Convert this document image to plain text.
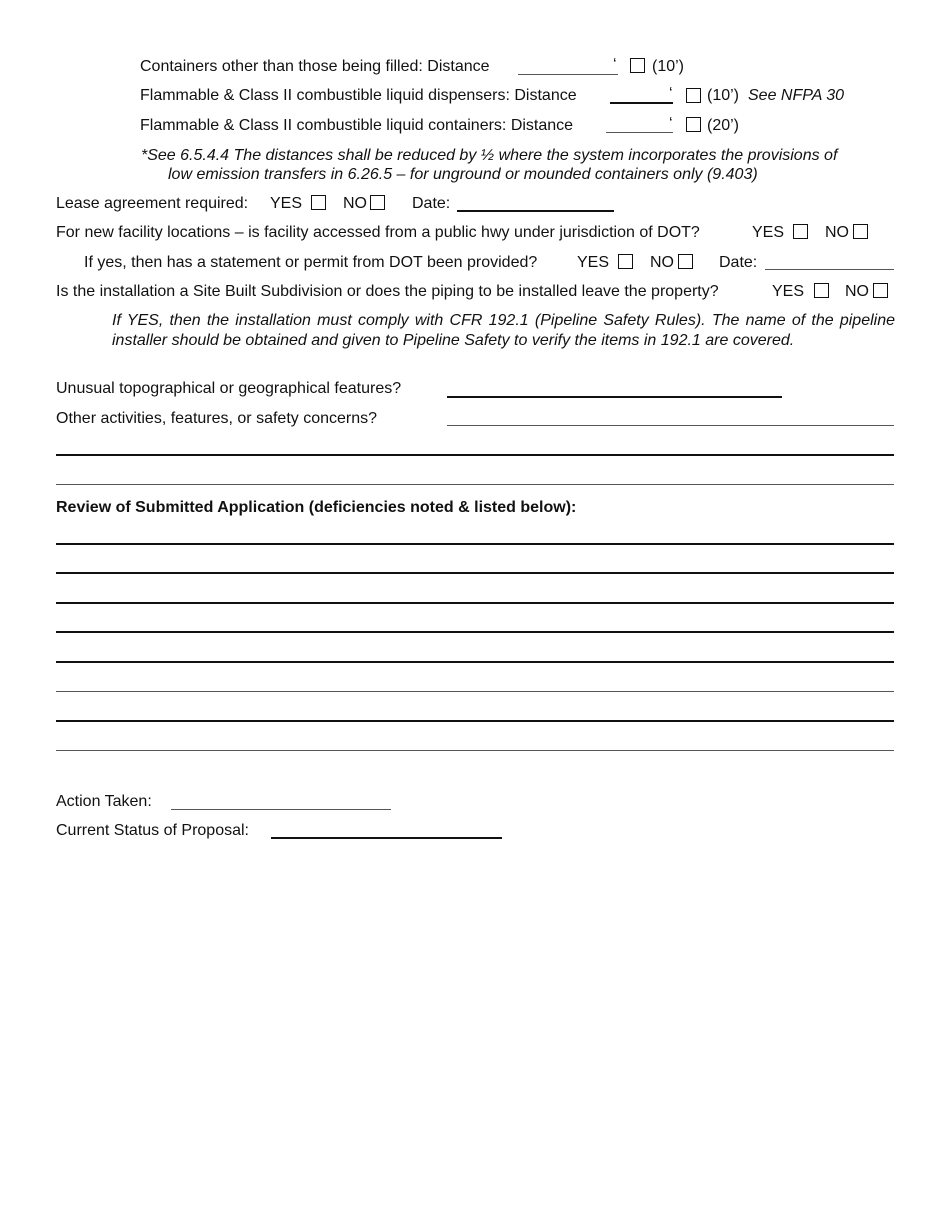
Containers other than those being filled: Distance	‘ (10’)
Flammable & Class II combustible liquid dispensers: Distance	‘ (10’) See NFPA 30
Flammable & Class II combustible liquid containers: Distance	‘ (20’)
*See 6.5.4.4 The distances shall be reduced by ½ where the system incorporates the provisions of
low emission transfers in 6.26.5 – for unground or mounded containers only (9.403)
Lease agreement required: YES	NO	Date:
For new facility locations – is facility accessed from a public hwy under jurisdiction of DOT?	YES	NO
If yes, then has a statement or permit from DOT been provided? YES	NO	Date:
Is the installation a Site Built Subdivision or does the piping to be installed leave the property?	YES	NO
If YES, then the installation must comply with CFR 192.1 (Pipeline Safety Rules). The name of the pipeline installer should be obtained and given to Pipeline Safety to verify the items in 192.1 are covered.
Unusual topographical or geographical features?
Other activities, features, or safety concerns?
Review of Submitted Application (deficiencies noted & listed below):
Action Taken:
Current Status of Proposal:
